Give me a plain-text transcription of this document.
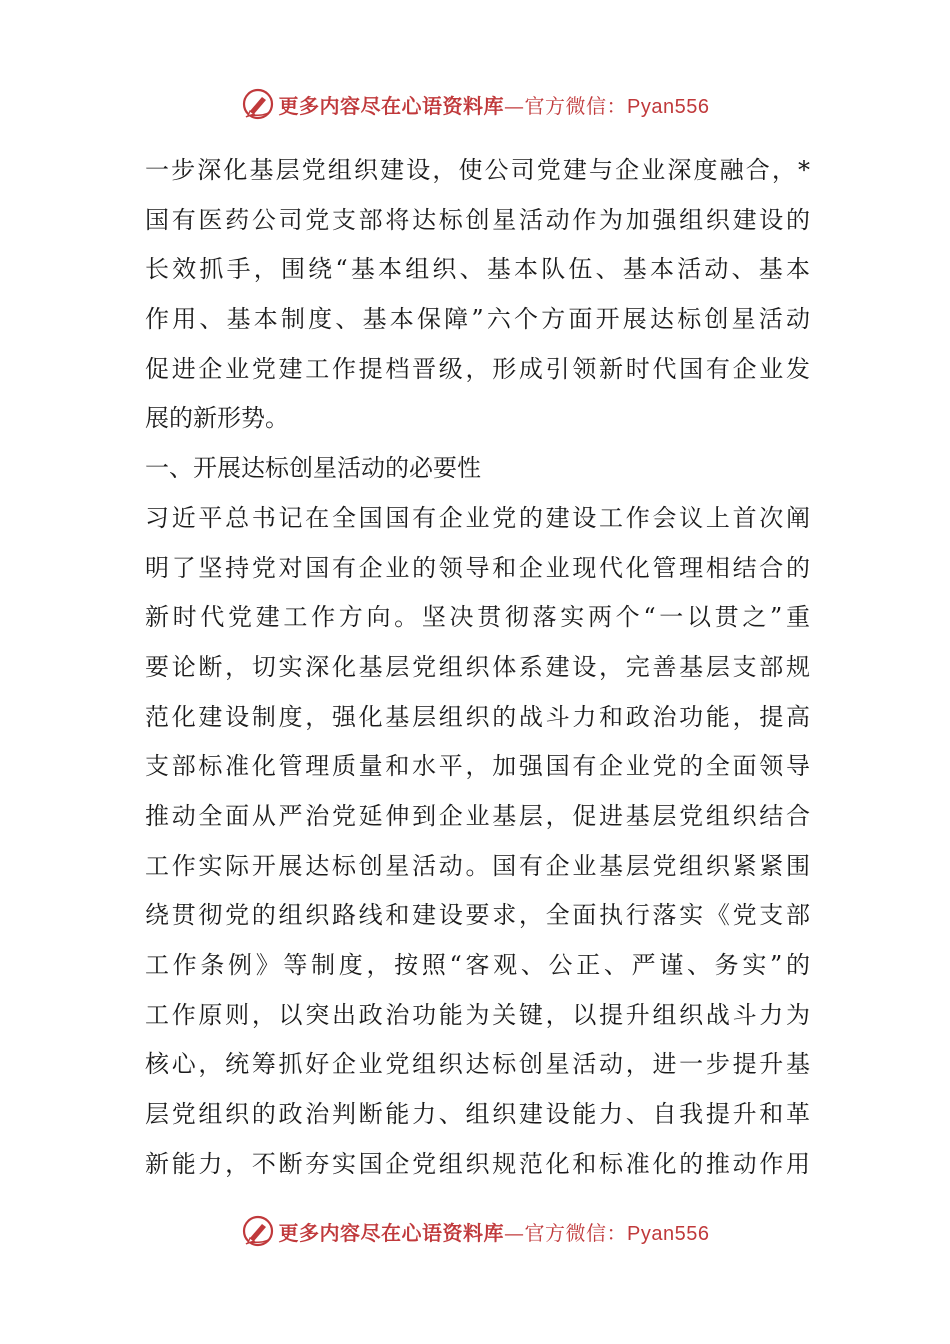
更多内容尽在心语资料库—官方微信：Pyan556
一步深化基层党组织建设，使公司党建与企业深度融合，*
国有医药公司党支部将达标创星活动作为加强组织建设的
长效抓手，围绕“基本组织、基本队伍、基本活动、基本
作用、基本制度、基本保障”六个方面开展达标创星活动
促进企业党建工作提档晋级，形成引领新时代国有企业发
展的新形势。
一、开展达标创星活动的必要性
习近平总书记在全国国有企业党的建设工作会议上首次阐
明了坚持党对国有企业的领导和企业现代化管理相结合的
新时代党建工作方向。坚决贯彻落实两个“一以贯之”重
要论断，切实深化基层党组织体系建设，完善基层支部规
范化建设制度，强化基层组织的战斗力和政治功能，提高
支部标准化管理质量和水平，加强国有企业党的全面领导
推动全面从严治党延伸到企业基层，促进基层党组织结合
工作实际开展达标创星活动。国有企业基层党组织紧紧围
绕贯彻党的组织路线和建设要求，全面执行落实《党支部
工作条例》等制度，按照“客观、公正、严谨、务实”的
工作原则，以突出政治功能为关键，以提升组织战斗力为
核心，统筹抓好企业党组织达标创星活动，进一步提升基
层党组织的政治判断能力、组织建设能力、自我提升和革
新能力，不断夯实国企党组织规范化和标准化的推动作用
更多内容尽在心语资料库—官方微信：Pyan556
